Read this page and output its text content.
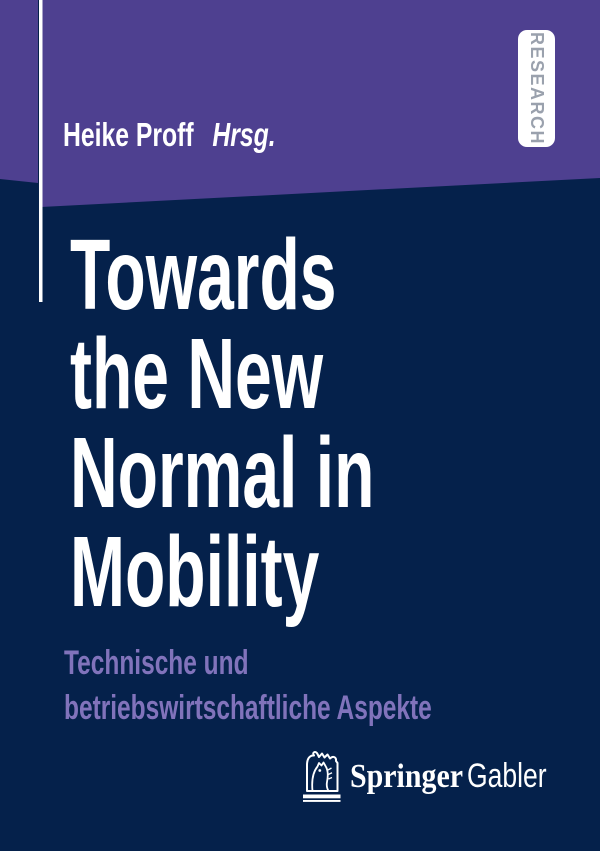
Heike Proff Hrsg.	RESEARCH
Towards
the New
Normal in
Mobility
Technische und
betriebswirtschaftliche Aspekte
Springer Gabler
